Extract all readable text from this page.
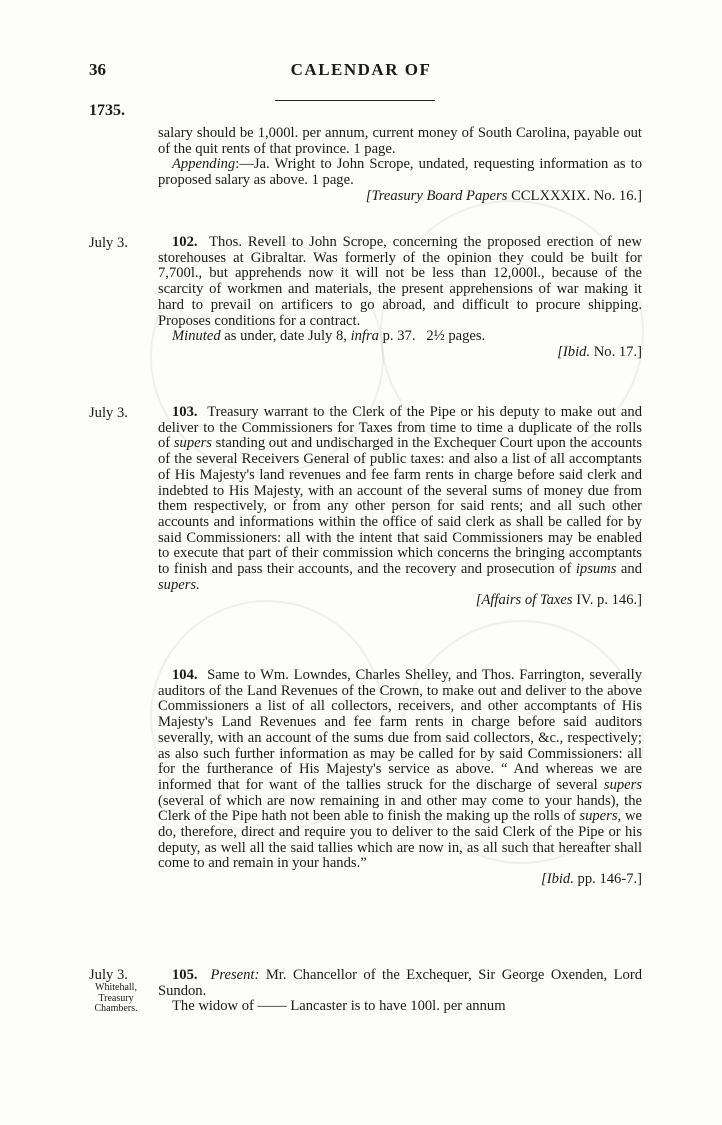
CALENDAR OF
36
1735.

salary should be 1,000l. per annum, current money of South Carolina, payable out of the quit rents of that province. 1 page.

Appending:—Ja. Wright to John Scrope, undated, requesting information as to proposed salary as above. 1 page.

[Treasury Board Papers CCLXXXIX. No. 16.]

July 3.	102. Thos. Revell to John Scrope, concerning the proposed erection of new storehouses at Gibraltar. Was formerly of the opinion they could be built for 7,700l., but apprehends now it will not be less than 12,000l., because of the scarcity of workmen and materials, the present apprehensions of war making it hard to prevail on artificers to go abroad, and difficult to procure shipping. Proposes conditions for a contract.

Minuted as under, date July 8, infra p. 37. 2½ pages.

[Ibid. No. 17.]

July 3.	103. Treasury warrant to the Clerk of the Pipe or his deputy to make out and deliver to the Commissioners for Taxes from time to time a duplicate of the rolls of supers standing out and undischarged in the Exchequer Court upon the accounts of the several Receivers General of public taxes: and also a list of all accomptants of His Majesty's land revenues and fee farm rents in charge before said clerk and indebted to His Majesty, with an account of the several sums of money due from them respectively, or from any other person for said rents; and all such other accounts and informations within the office of said clerk as shall be called for by said Commissioners: all with the intent that said Commissioners may be enabled to execute that part of their commission which concerns the bringing accomptants to finish and pass their accounts, and the recovery and prosecution of ipsums and supers.

[Affairs of Taxes IV. p. 146.]

104. Same to Wm. Lowndes, Charles Shelley, and Thos. Farrington, severally auditors of the Land Revenues of the Crown, to make out and deliver to the above Commissioners a list of all collectors, receivers, and other accomptants of His Majesty's Land Revenues and fee farm rents in charge before said auditors severally, with an account of the sums due from said collectors, &c., respectively; as also such further information as may be called for by said Commissioners: all for the furtherance of His Majesty's service as above. “ And whereas we are informed that for want of the tallies struck for the discharge of several supers (several of which are now remaining in and other may come to your hands), the Clerk of the Pipe hath not been able to finish the making up the rolls of supers, we do, therefore, direct and require you to deliver to the said Clerk of the Pipe or his deputy, as well all the said tallies which are now in, as all such that hereafter shall come to and remain in your hands.”

[Ibid. pp. 146-7.]

July 3.
Whitehall,
Treasury
Chambers.

105. Present: Mr. Chancellor of the Exchequer, Sir George Oxenden, Lord Sundon.

The widow of —— Lancaster is to have 100l. per annum
